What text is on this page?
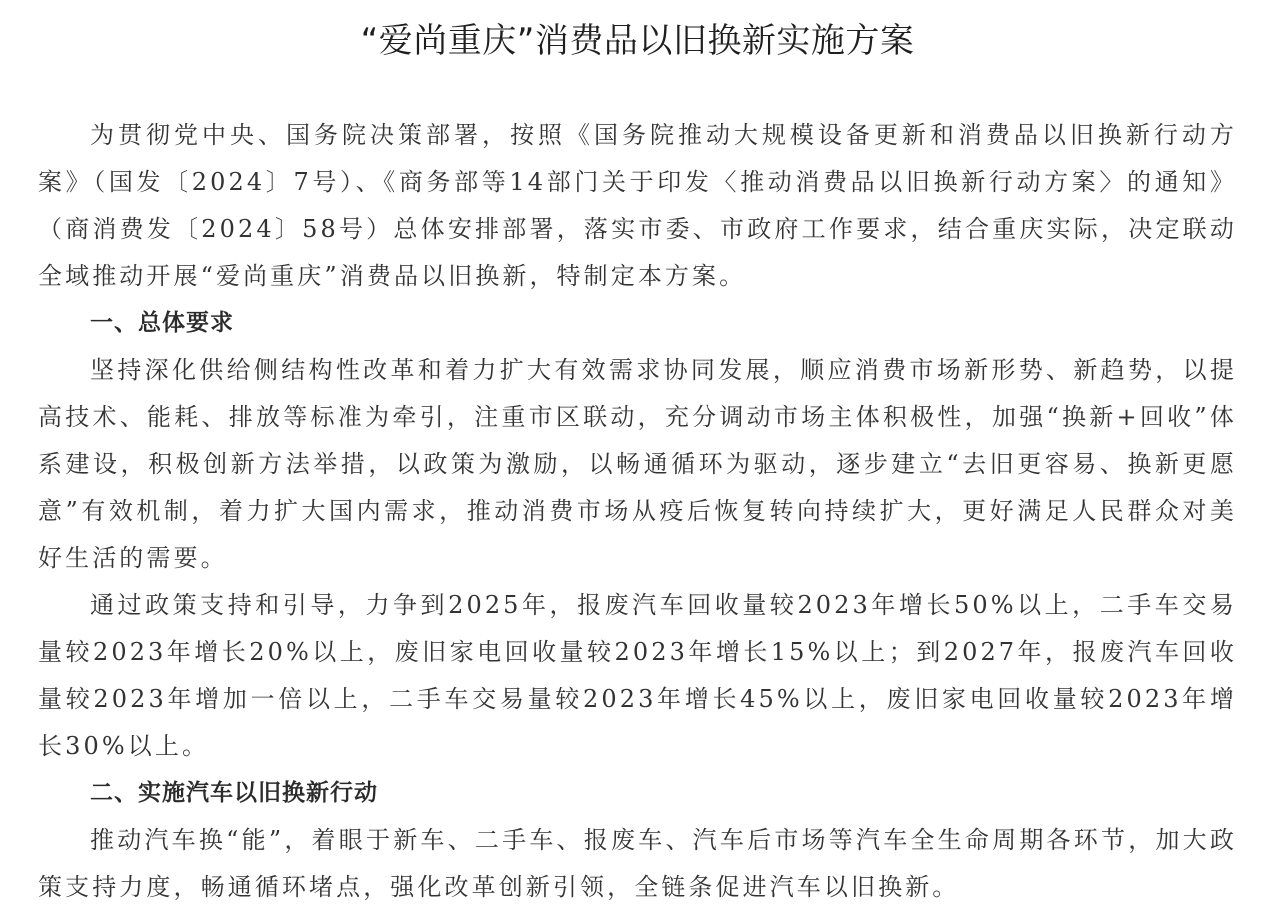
“爱尚重庆”消费品以旧换新实施方案

为贯彻党中央、国务院决策部署，按照《国务院推动大规模设备更新和消费品以旧换新行动方案》（国发〔2024〕7号）、《商务部等14部门关于印发〈推动消费品以旧换新行动方案〉的通知》（商消费发〔2024〕58号）总体安排部署，落实市委、市政府工作要求，结合重庆实际，决定联动全域推动开展“爱尚重庆”消费品以旧换新，特制定本方案。

一、总体要求

坚持深化供给侧结构性改革和着力扩大有效需求协同发展，顺应消费市场新形势、新趋势，以提高技术、能耗、排放等标准为牵引，注重市区联动，充分调动市场主体积极性，加强“换新+回收”体系建设，积极创新方法举措，以政策为激励，以畅通循环为驱动，逐步建立“去旧更容易、换新更愿意”有效机制，着力扩大国内需求，推动消费市场从疫后恢复转向持续扩大，更好满足人民群众对美好生活的需要。

通过政策支持和引导，力争到2025年，报废汽车回收量较2023年增长50%以上，二手车交易量较2023年增长20%以上，废旧家电回收量较2023年增长15%以上；到2027年，报废汽车回收量较2023年增加一倍以上，二手车交易量较2023年增长45%以上，废旧家电回收量较2023年增长30%以上。

二、实施汽车以旧换新行动

推动汽车换“能”，着眼于新车、二手车、报废车、汽车后市场等汽车全生命周期各环节，加大政策支持力度，畅通循环堵点，强化改革创新引领，全链条促进汽车以旧换新。
